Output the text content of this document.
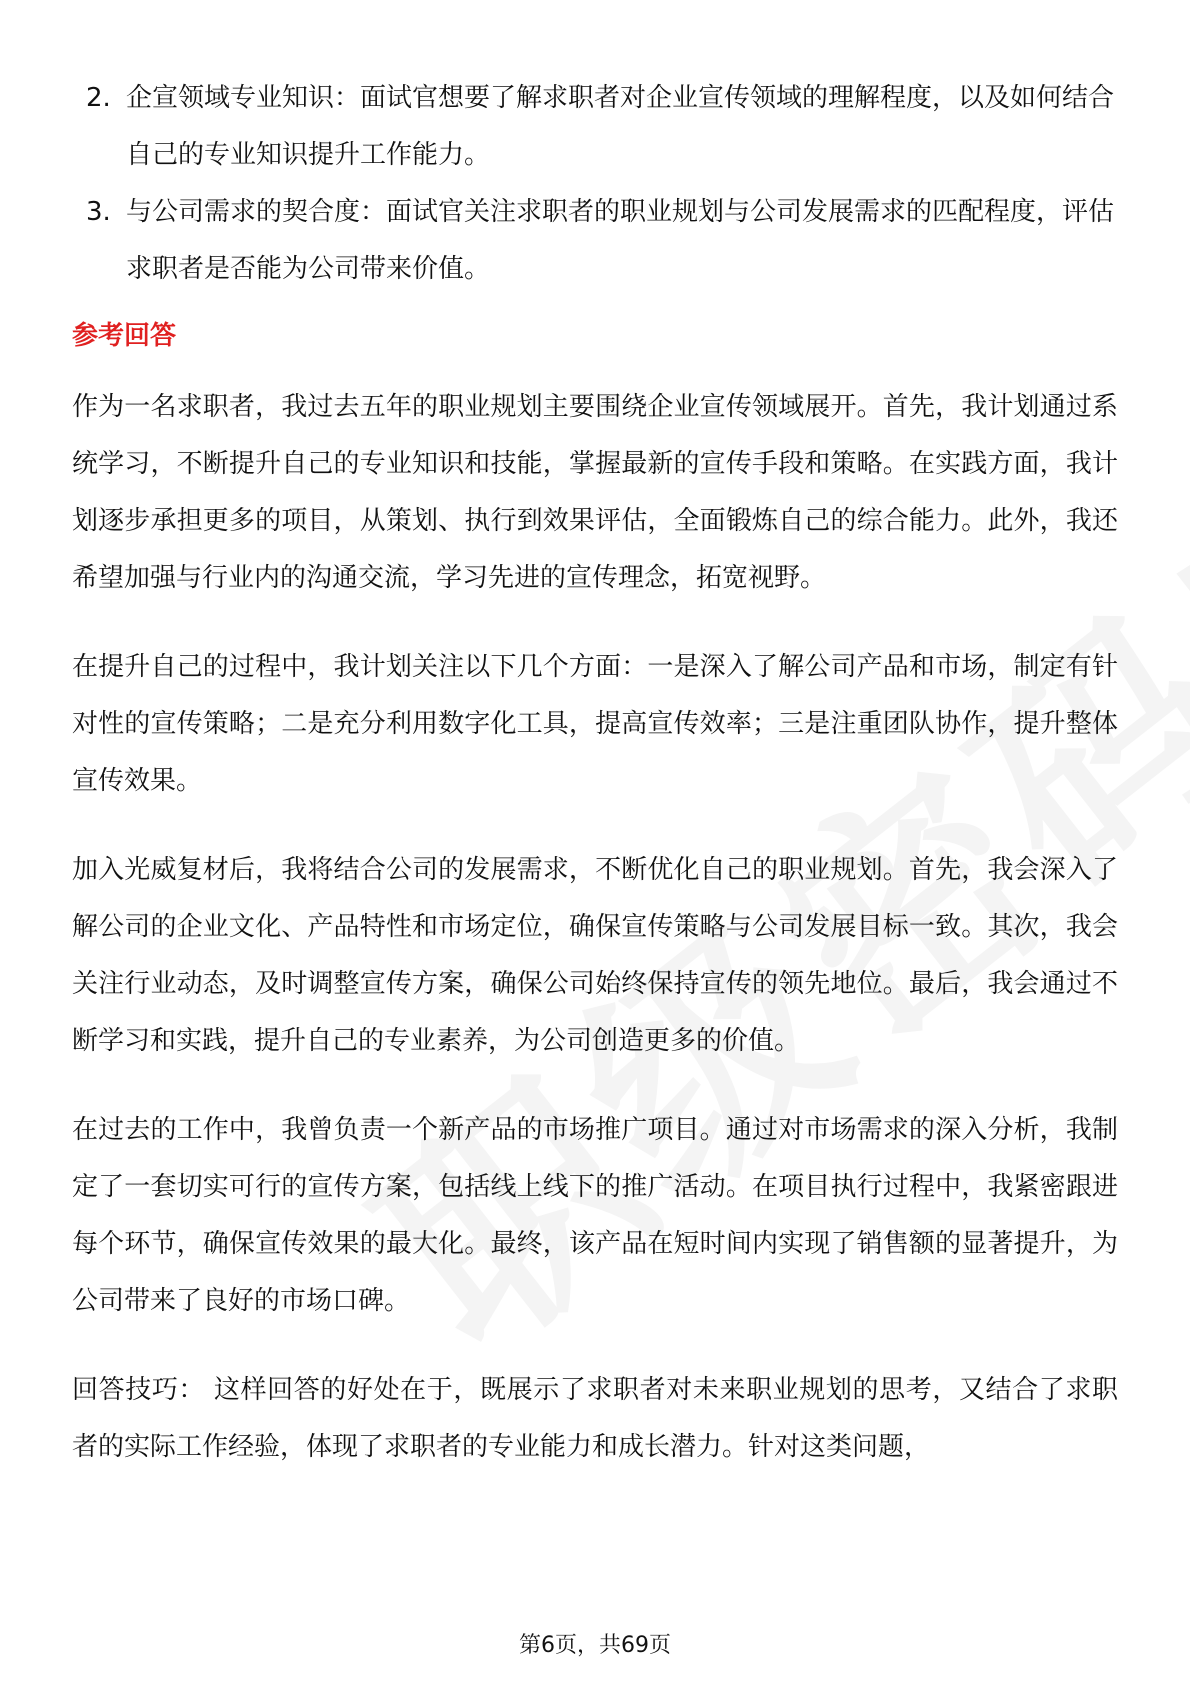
2. 企宣领域专业知识：面试官想要了解求职者对企业宣传领域的理解程度，以及如何结合自己的专业知识提升工作能力。
3. 与公司需求的契合度：面试官关注求职者的职业规划与公司发展需求的匹配程度，评估求职者是否能为公司带来价值。
参考回答

作为一名求职者，我过去五年的职业规划主要围绕企业宣传领域展开。首先，我计划通过系统学习，不断提升自己的专业知识和技能，掌握最新的宣传手段和策略。在实践方面，我计划逐步承担更多的项目，从策划、执行到效果评估，全面锻炼自己的综合能力。此外，我还希望加强与行业内的沟通交流，学习先进的宣传理念，拓宽视野。

在提升自己的过程中，我计划关注以下几个方面：一是深入了解公司产品和市场，制定有针对性的宣传策略；二是充分利用数字化工具，提高宣传效率；三是注重团队协作，提升整体宣传效果。

加入光威复材后，我将结合公司的发展需求，不断优化自己的职业规划。首先，我会深入了解公司的企业文化、产品特性和市场定位，确保宣传策略与公司发展目标一致。其次，我会关注行业动态，及时调整宣传方案，确保公司始终保持宣传的领先地位。最后，我会通过不断学习和实践，提升自己的专业素养，为公司创造更多的价值。

在过去的工作中，我曾负责一个新产品的市场推广项目。通过对市场需求的深入分析，我制定了一套切实可行的宣传方案，包括线上线下的推广活动。在项目执行过程中，我紧密跟进每个环节，确保宣传效果的最大化。最终，该产品在短时间内实现了销售额的显著提升，为公司带来了良好的市场口碑。

回答技巧： 这样回答的好处在于，既展示了求职者对未来职业规划的思考，又结合了求职者的实际工作经验，体现了求职者的专业能力和成长潜力。针对这类问题，

第6页，共69页
